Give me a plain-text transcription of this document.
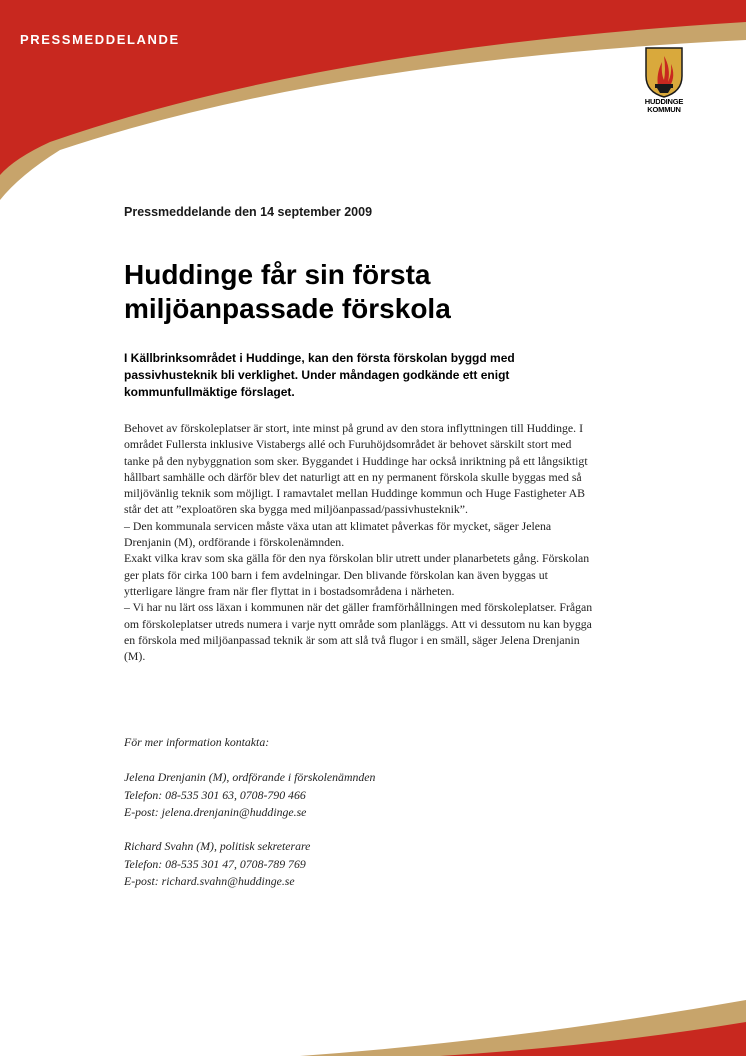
PRESSMEDDELANDE
HUDDINGE
KOMMUN
Pressmeddelande den 14 september 2009
Huddinge får sin första miljöanpassade förskola

I Källbrinksområdet i Huddinge, kan den första förskolan byggd med passivhusteknik bli verklighet. Under måndagen godkände ett enigt kommunfullmäktige förslaget.

Behovet av förskoleplatser är stort, inte minst på grund av den stora inflyttningen till Huddinge. I området Fullersta inklusive Vistabergs allé och Furuhöjdsområdet är behovet särskilt stort med tanke på den nybyggnation som sker. Byggandet i Huddinge har också inriktning på ett långsiktigt hållbart samhälle och därför blev det naturligt att en ny permanent förskola skulle byggas med så miljövänlig teknik som möjligt. I ramavtalet mellan Huddinge kommun och Huge Fastigheter AB står det att ”exploatören ska bygga med miljöanpassad/passivhusteknik”.

– Den kommunala servicen måste växa utan att klimatet påverkas för mycket, säger Jelena Drenjanin (M), ordförande i förskolenämnden.

Exakt vilka krav som ska gälla för den nya förskolan blir utrett under planarbetets gång. Förskolan ger plats för cirka 100 barn i fem avdelningar. Den blivande förskolan kan även byggas ut ytterligare längre fram när fler flyttat in i bostadsområdena i närheten.

– Vi har nu lärt oss läxan i kommunen när det gäller framförhållningen med förskoleplatser. Frågan om förskoleplatser utreds numera i varje nytt område som planläggs. Att vi dessutom nu kan bygga en förskola med miljöanpassad teknik är som att slå två flugor i en smäll, säger Jelena Drenjanin (M).

För mer information kontakta:
Jelena Drenjanin (M), ordförande i förskolenämnden
Telefon: 08-535 301 63, 0708-790 466
E-post: jelena.drenjanin@huddinge.se
Richard Svahn (M), politisk sekreterare
Telefon: 08-535 301 47, 0708-789 769
E-post: richard.svahn@huddinge.se
